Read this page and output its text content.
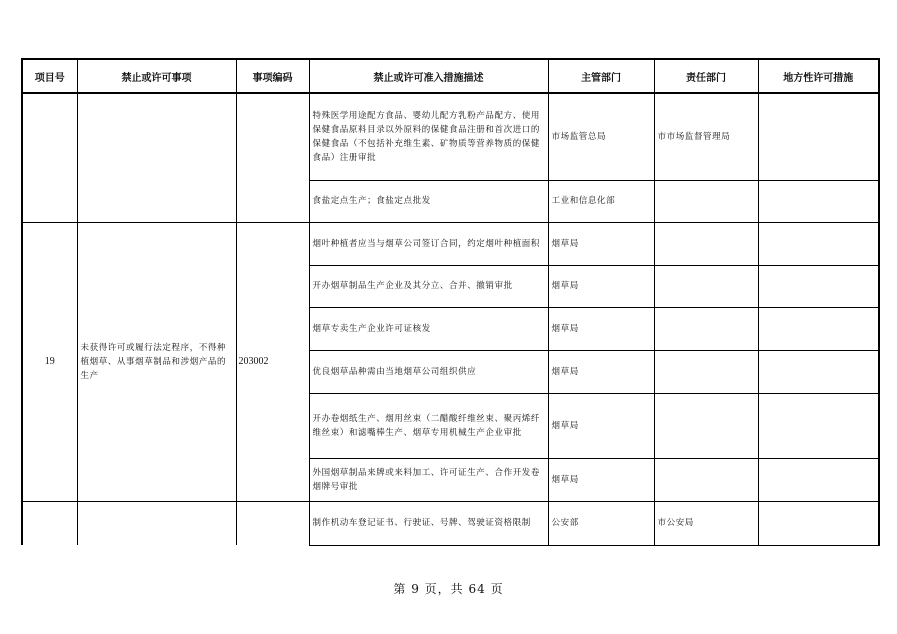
项目号	禁止或许可事项	事项编码	禁止或许可准入措施描述	主管部门	责任部门	地方性许可措施
			特殊医学用途配方食品、婴幼儿配方乳粉产品配方、使用保健食品原料目录以外原料的保健食品注册和首次进口的保健食品（不包括补充维生素、矿物质等营养物质的保健食品）注册审批	市场监管总局	市市场监督管理局	
			食盐定点生产；食盐定点批发	工业和信息化部		
19	未获得许可或履行法定程序，不得种植烟草、从事烟草制品和涉烟产品的生产	203002	烟叶种植者应当与烟草公司签订合同，约定烟叶种植面积	烟草局		
			开办烟草制品生产企业及其分立、合并、撤销审批	烟草局		
			烟草专卖生产企业许可证核发	烟草局		
			优良烟草品种需由当地烟草公司组织供应	烟草局		
			开办卷烟纸生产、烟用丝束（二醋酸纤维丝束、聚丙烯纤维丝束）和滤嘴棒生产、烟草专用机械生产企业审批	烟草局		
			外国烟草制品来牌或来料加工、许可证生产、合作开发卷烟牌号审批	烟草局		
			制作机动车登记证书、行驶证、号牌、驾驶证资格限制	公安部	市公安局	
第 9 页，共 64 页
